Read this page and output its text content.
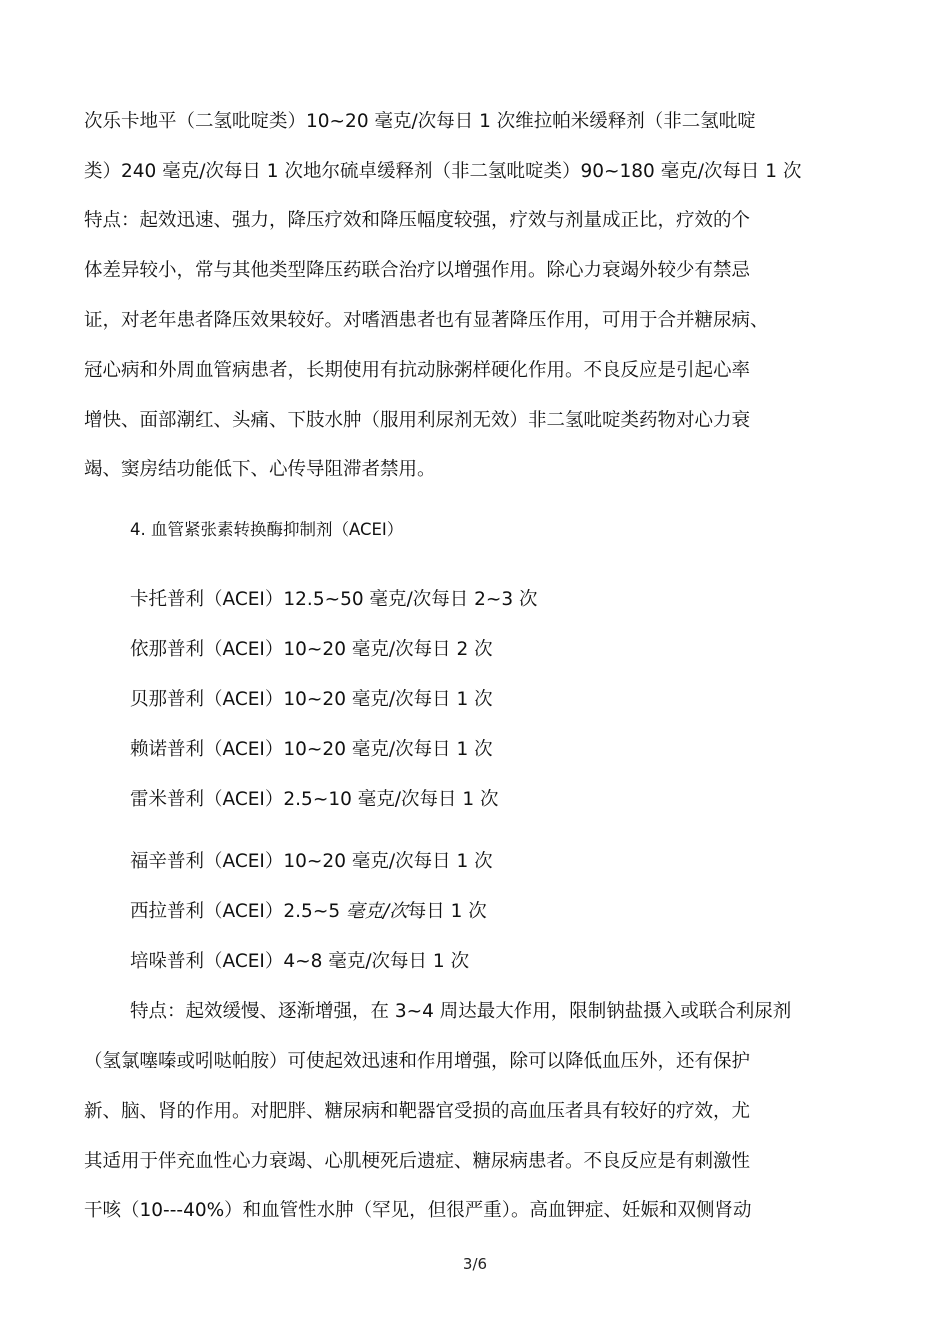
次乐卡地平（二氢吡啶类）10~20 毫克/次每日 1 次维拉帕米缓释剂（非二氢吡啶
类）240 毫克/次每日 1 次地尔硫卓缓释剂（非二氢吡啶类）90~180 毫克/次每日 1 次
特点：起效迅速、强力，降压疗效和降压幅度较强，疗效与剂量成正比，疗效的个
体差异较小，常与其他类型降压药联合治疗以增强作用。除心力衰竭外较少有禁忌
证，对老年患者降压效果较好。对嗜酒患者也有显著降压作用，可用于合并糖尿病、
冠心病和外周血管病患者，长期使用有抗动脉粥样硬化作用。不良反应是引起心率
增快、面部潮红、头痛、下肢水肿（服用利尿剂无效）非二氢吡啶类药物对心力衰
竭、窦房结功能低下、心传导阻滞者禁用。
4. 血管紧张素转换酶抑制剂（ACEI）
卡托普利（ACEI）12.5~50 毫克/次每日 2~3 次
依那普利（ACEI）10~20 毫克/次每日 2 次
贝那普利（ACEI）10~20 毫克/次每日 1 次
赖诺普利（ACEI）10~20 毫克/次每日 1 次
雷米普利（ACEI）2.5~10 毫克/次每日 1 次
福辛普利（ACEI）10~20 毫克/次每日 1 次
西拉普利（ACEI）2.5~5 毫克/次每日 1 次
培哚普利（ACEI）4~8 毫克/次每日 1 次
特点：起效缓慢、逐渐增强，在 3~4 周达最大作用，限制钠盐摄入或联合利尿剂
（氢氯噻嗪或吲哒帕胺）可使起效迅速和作用增强，除可以降低血压外，还有保护
新、脑、肾的作用。对肥胖、糖尿病和靶器官受损的高血压者具有较好的疗效，尤
其适用于伴充血性心力衰竭、心肌梗死后遗症、糖尿病患者。不良反应是有刺激性
干咳（10---40%）和血管性水肿（罕见，但很严重）。高血钾症、妊娠和双侧肾动
3/6
